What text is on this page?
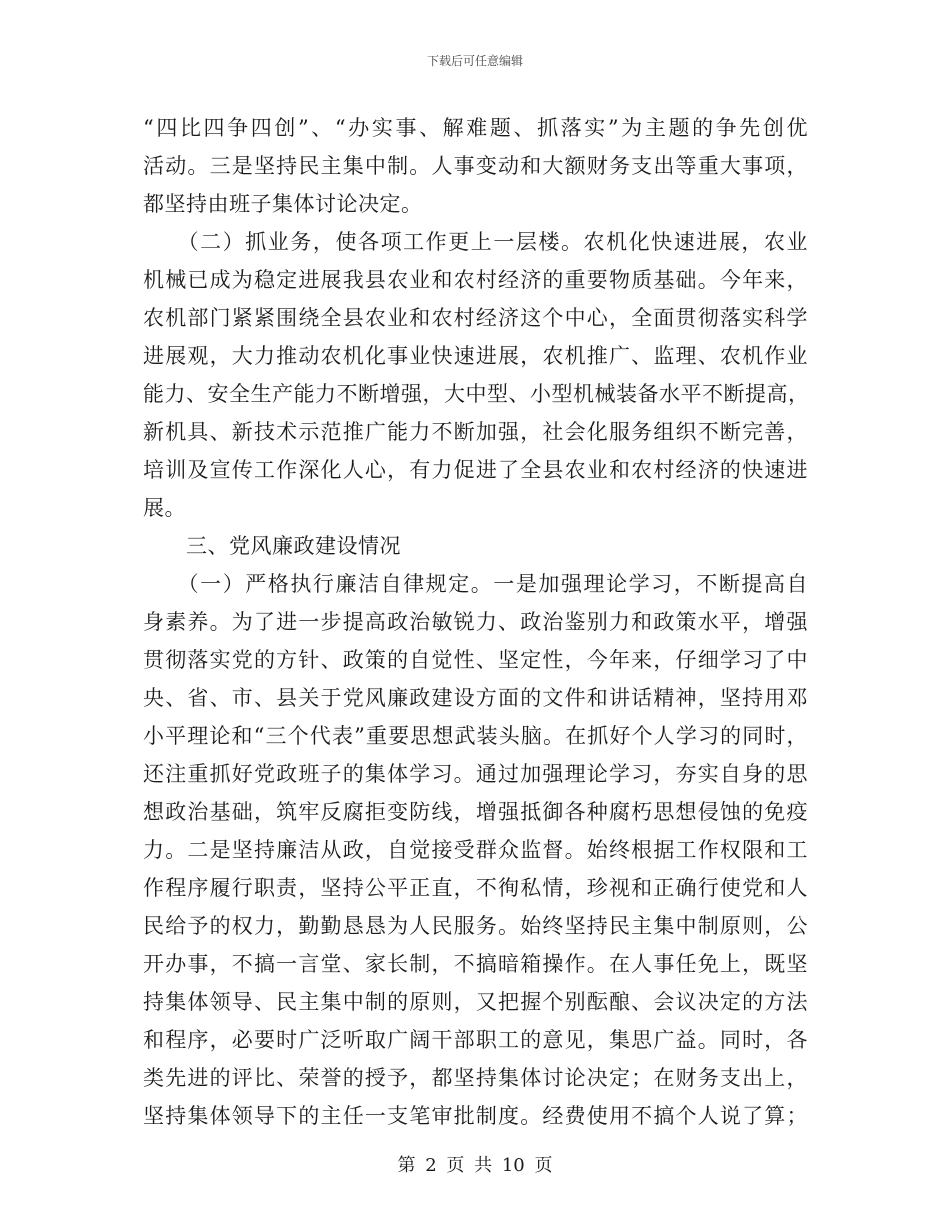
下载后可任意编辑
“四比四争四创”、“办实事、解难题、抓落实”为主题的争先创优
活动。三是坚持民主集中制。人事变动和大额财务支出等重大事项，
都坚持由班子集体讨论决定。
　　（二）抓业务，使各项工作更上一层楼。农机化快速进展，农业
机械已成为稳定进展我县农业和农村经济的重要物质基础。今年来，
农机部门紧紧围绕全县农业和农村经济这个中心，全面贯彻落实科学
进展观，大力推动农机化事业快速进展，农机推广、监理、农机作业
能力、安全生产能力不断增强，大中型、小型机械装备水平不断提高，
新机具、新技术示范推广能力不断加强，社会化服务组织不断完善，
培训及宣传工作深化人心，有力促进了全县农业和农村经济的快速进
展。
　　三、党风廉政建设情况
　　（一）严格执行廉洁自律规定。一是加强理论学习，不断提高自
身素养。为了进一步提高政治敏锐力、政治鉴别力和政策水平，增强
贯彻落实党的方针、政策的自觉性、坚定性，今年来，仔细学习了中
央、省、市、县关于党风廉政建设方面的文件和讲话精神，坚持用邓
小平理论和“三个代表”重要思想武装头脑。在抓好个人学习的同时，
还注重抓好党政班子的集体学习。通过加强理论学习，夯实自身的思
想政治基础，筑牢反腐拒变防线，增强抵御各种腐朽思想侵蚀的免疫
力。二是坚持廉洁从政，自觉接受群众监督。始终根据工作权限和工
作程序履行职责，坚持公平正直，不徇私情，珍视和正确行使党和人
民给予的权力，勤勤恳恳为人民服务。始终坚持民主集中制原则，公
开办事，不搞一言堂、家长制，不搞暗箱操作。在人事任免上，既坚
持集体领导、民主集中制的原则，又把握个别酝酿、会议决定的方法
和程序，必要时广泛听取广阔干部职工的意见，集思广益。同时，各
类先进的评比、荣誉的授予，都坚持集体讨论决定；在财务支出上，
坚持集体领导下的主任一支笔审批制度。经费使用不搞个人说了算；
第 2 页 共 10 页
